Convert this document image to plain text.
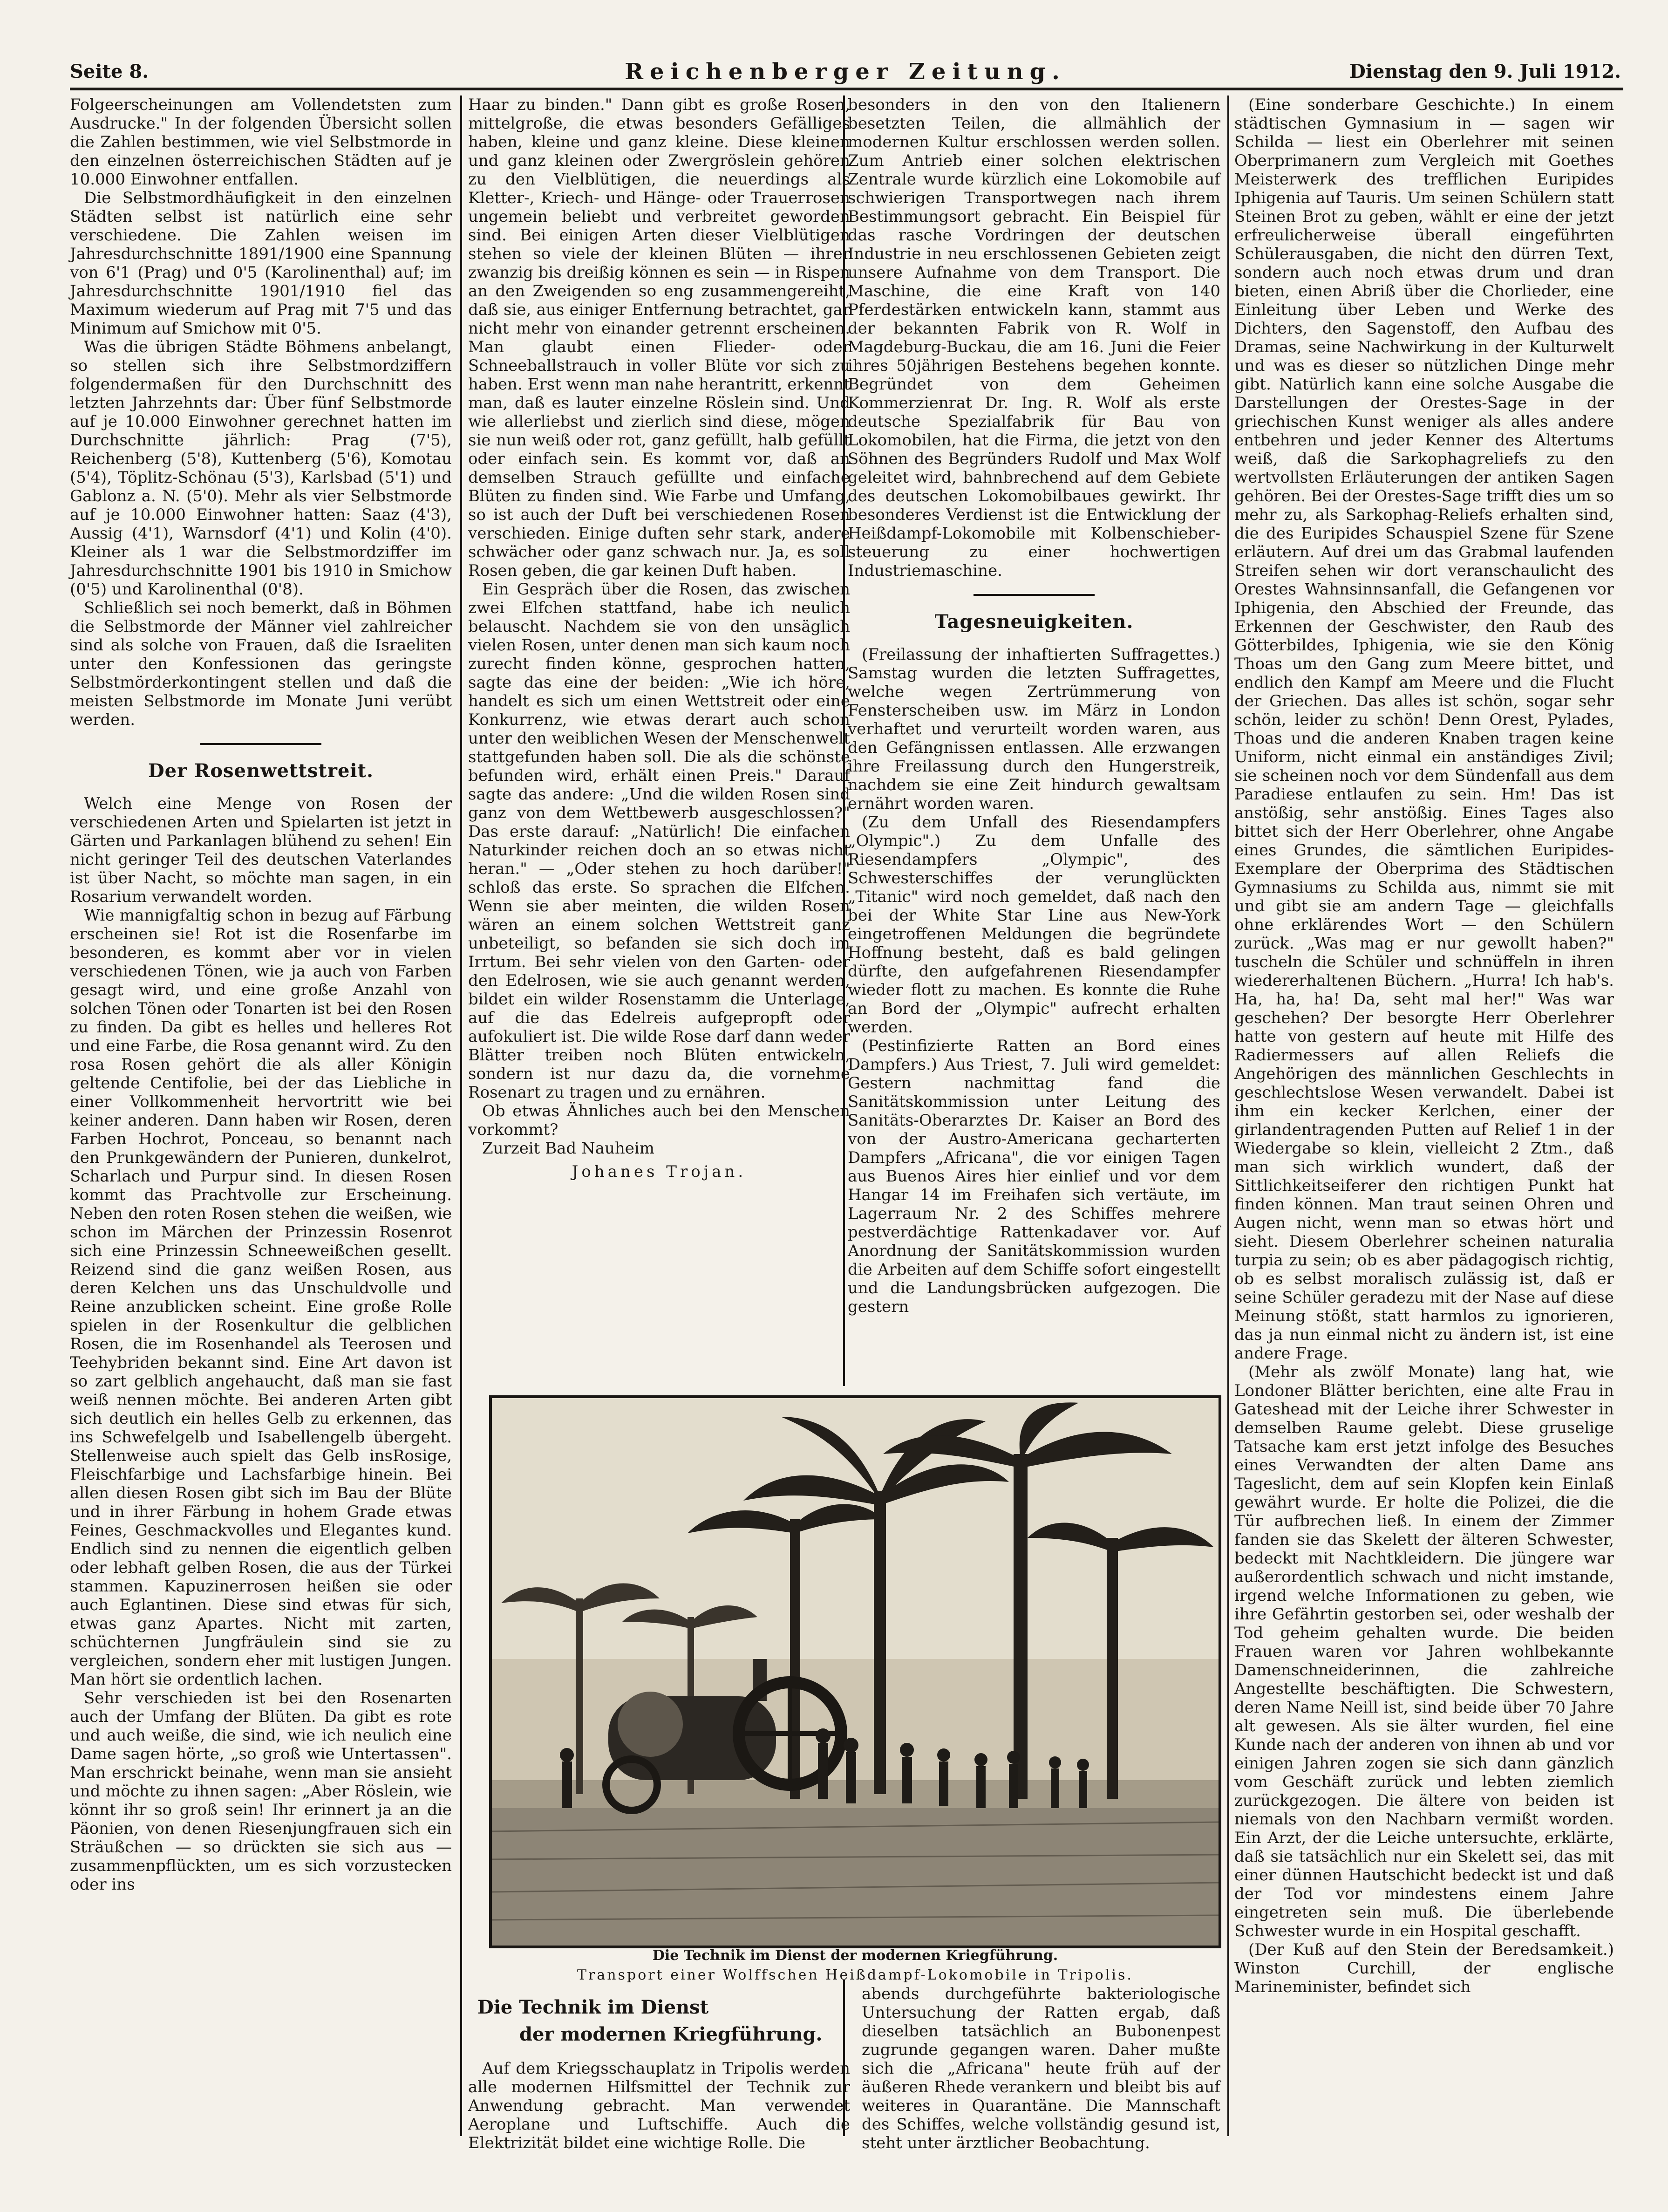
Seite 8.	Reichenberger Zeitung.	Dienstag den 9. Juli 1912.

Folgeerscheinungen am Vollendetsten zum Ausdrucke." In der folgenden Übersicht sollen die Zahlen bestimmen, wie viel Selbstmorde in den einzelnen österreichischen Städten auf je 10.000 Einwohner entfallen.

Die Selbstmordhäufigkeit in den einzelnen Städten selbst ist natürlich eine sehr verschiedene. Die Zahlen weisen im Jahresdurchschnitte 1891/1900 eine Spannung von 6'1 (Prag) und 0'5 (Karolinenthal) auf; im Jahresdurchschnitte 1901/1910 fiel das Maximum wiederum auf Prag mit 7'5 und das Minimum auf Smichow mit 0'5.

Was die übrigen Städte Böhmens anbelangt, so stellen sich ihre Selbstmordziffern folgendermaßen für den Durchschnitt des letzten Jahrzehnts dar: Über fünf Selbstmorde auf je 10.000 Einwohner gerechnet hatten im Durchschnitte jährlich: Prag (7'5), Reichenberg (5'8), Kuttenberg (5'6), Komotau (5'4), Töplitz-Schönau (5'3), Karlsbad (5'1) und Gablonz a. N. (5'0). Mehr als vier Selbstmorde auf je 10.000 Einwohner hatten: Saaz (4'3), Aussig (4'1), Warnsdorf (4'1) und Kolin (4'0). Kleiner als 1 war die Selbstmordziffer im Jahresdurchschnitte 1901 bis 1910 in Smichow (0'5) und Karolinenthal (0'8).

Schließlich sei noch bemerkt, daß in Böhmen die Selbstmorde der Männer viel zahlreicher sind als solche von Frauen, daß die Israeliten unter den Konfessionen das geringste Selbstmörderkontingent stellen und daß die meisten Selbstmorde im Monate Juni verübt werden.

Der Rosenwettstreit.

Welch eine Menge von Rosen der verschiedenen Arten und Spielarten ist jetzt in Gärten und Parkanlagen blühend zu sehen! Ein nicht geringer Teil des deutschen Vaterlandes ist über Nacht, so möchte man sagen, in ein Rosarium verwandelt worden.

Wie mannigfaltig schon in bezug auf Färbung erscheinen sie! Rot ist die Rosenfarbe im besonderen, es kommt aber vor in vielen verschiedenen Tönen, wie ja auch von Farben gesagt wird, und eine große Anzahl von solchen Tönen oder Tonarten ist bei den Rosen zu finden. Da gibt es helles und helleres Rot und eine Farbe, die Rosa genannt wird. Zu den rosa Rosen gehört die als aller Königin geltende Centifolie, bei der das Liebliche in einer Vollkommenheit hervortritt wie bei keiner anderen. Dann haben wir Rosen, deren Farben Hochrot, Ponceau, so benannt nach den Prunkgewändern der Punieren, dunkelrot, Scharlach und Purpur sind. In diesen Rosen kommt das Prachtvolle zur Erscheinung. Neben den roten Rosen stehen die weißen, wie schon im Märchen der Prinzessin Rosenrot sich eine Prinzessin Schneeweißchen gesellt. Reizend sind die ganz weißen Rosen, aus deren Kelchen uns das Unschuldvolle und Reine anzublicken scheint. Eine große Rolle spielen in der Rosenkultur die gelblichen Rosen, die im Rosenhandel als Teerosen und Teehybriden bekannt sind. Eine Art davon ist so zart gelblich angehaucht, daß man sie fast weiß nennen möchte. Bei anderen Arten gibt sich deutlich ein helles Gelb zu erkennen, das ins Schwefelgelb und Isabellengelb übergeht. Stellenweise auch spielt das Gelb insRosige, Fleischfarbige und Lachsfarbige hinein. Bei allen diesen Rosen gibt sich im Bau der Blüte und in ihrer Färbung in hohem Grade etwas Feines, Geschmackvolles und Elegantes kund. Endlich sind zu nennen die eigentlich gelben oder lebhaft gelben Rosen, die aus der Türkei stammen. Kapuzinerrosen heißen sie oder auch Eglantinen. Diese sind etwas für sich, etwas ganz Apartes. Nicht mit zarten, schüchternen Jungfräulein sind sie zu vergleichen, sondern eher mit lustigen Jungen. Man hört sie ordentlich lachen.

Sehr verschieden ist bei den Rosenarten auch der Umfang der Blüten. Da gibt es rote und auch weiße, die sind, wie ich neulich eine Dame sagen hörte, „so groß wie Untertassen". Man erschrickt beinahe, wenn man sie ansieht und möchte zu ihnen sagen: „Aber Röslein, wie könnt ihr so groß sein! Ihr erinnert ja an die Päonien, von denen Riesenjungfrauen sich ein Sträußchen — so drückten sie sich aus — zusammenpflückten, um es sich vorzustecken oder ins

Haar zu binden." Dann gibt es große Rosen, mittelgroße, die etwas besonders Gefälliges haben, kleine und ganz kleine. Diese kleinen und ganz kleinen oder Zwergröslein gehören zu den Vielblütigen, die neuerdings als Kletter-, Kriech- und Hänge- oder Trauerrosen ungemein beliebt und verbreitet geworden sind. Bei einigen Arten dieser Vielblütigen stehen so viele der kleinen Blüten — ihrer zwanzig bis dreißig können es sein — in Rispen an den Zweigenden so eng zusammengereiht, daß sie, aus einiger Entfernung betrachtet, gar nicht mehr von einander getrennt erscheinen. Man glaubt einen Flieder- oder Schneeballstrauch in voller Blüte vor sich zu haben. Erst wenn man nahe herantritt, erkennt man, daß es lauter einzelne Röslein sind. Und wie allerliebst und zierlich sind diese, mögen sie nun weiß oder rot, ganz gefüllt, halb gefüllt oder einfach sein. Es kommt vor, daß an demselben Strauch gefüllte und einfache Blüten zu finden sind. Wie Farbe und Umfang, so ist auch der Duft bei verschiedenen Rosen verschieden. Einige duften sehr stark, andere schwächer oder ganz schwach nur. Ja, es soll Rosen geben, die gar keinen Duft haben.

Ein Gespräch über die Rosen, das zwischen zwei Elfchen stattfand, habe ich neulich belauscht. Nachdem sie von den unsäglich vielen Rosen, unter denen man sich kaum noch zurecht finden könne, gesprochen hatten, sagte das eine der beiden: „Wie ich höre, handelt es sich um einen Wettstreit oder eine Konkurrenz, wie etwas derart auch schon unter den weiblichen Wesen der Menschenwelt stattgefunden haben soll. Die als die schönste befunden wird, erhält einen Preis." Darauf sagte das andere: „Und die wilden Rosen sind ganz von dem Wettbewerb ausgeschlossen?" Das erste darauf: „Natürlich! Die einfachen Naturkinder reichen doch an so etwas nicht heran." — „Oder stehen zu hoch darüber!" schloß das erste. So sprachen die Elfchen. Wenn sie aber meinten, die wilden Rosen wären an einem solchen Wettstreit ganz unbeteiligt, so befanden sie sich doch im Irrtum. Bei sehr vielen von den Garten- oder den Edelrosen, wie sie auch genannt werden, bildet ein wilder Rosenstamm die Unterlage, auf die das Edelreis aufgepropft oder aufokuliert ist. Die wilde Rose darf dann weder Blätter treiben noch Blüten entwickeln, sondern ist nur dazu da, die vornehme Rosenart zu tragen und zu ernähren.

Ob etwas Ähnliches auch bei den Menschen vorkommt?

Zurzeit Bad Nauheim

Johanes Trojan.

besonders in den von den Italienern besetzten Teilen, die allmählich der modernen Kultur erschlossen werden sollen. Zum Antrieb einer solchen elektrischen Zentrale wurde kürzlich eine Lokomobile auf schwierigen Transportwegen nach ihrem Bestimmungsort gebracht. Ein Beispiel für das rasche Vordringen der deutschen Industrie in neu erschlossenen Gebieten zeigt unsere Aufnahme von dem Transport. Die Maschine, die eine Kraft von 140 Pferdestärken entwickeln kann, stammt aus der bekannten Fabrik von R. Wolf in Magdeburg-Buckau, die am 16. Juni die Feier ihres 50jährigen Bestehens begehen konnte. Begründet von dem Geheimen Kommerzienrat Dr. Ing. R. Wolf als erste deutsche Spezialfabrik für Bau von Lokomobilen, hat die Firma, die jetzt von den Söhnen des Begründers Rudolf und Max Wolf geleitet wird, bahnbrechend auf dem Gebiete des deutschen Lokomobilbaues gewirkt. Ihr besonderes Verdienst ist die Entwicklung der Heißdampf-Lokomobile mit Kolbenschieber-steuerung zu einer hochwertigen Industriemaschine.

Tagesneuigkeiten.

(Freilassung der inhaftierten Suffragettes.) Samstag wurden die letzten Suffragettes, welche wegen Zertrümmerung von Fensterscheiben usw. im März in London verhaftet und verurteilt worden waren, aus den Gefängnissen entlassen. Alle erzwangen ihre Freilassung durch den Hungerstreik, nachdem sie eine Zeit hindurch gewaltsam ernährt worden waren.

(Zu dem Unfall des Riesendampfers „Olympic".) Zu dem Unfalle des Riesendampfers „Olympic", des Schwesterschiffes der verunglückten „Titanic" wird noch gemeldet, daß nach den bei der White Star Line aus New-York eingetroffenen Meldungen die begründete Hoffnung besteht, daß es bald gelingen dürfte, den aufgefahrenen Riesendampfer wieder flott zu machen. Es konnte die Ruhe an Bord der „Olympic" aufrecht erhalten werden.

(Pestinfizierte Ratten an Bord eines Dampfers.) Aus Triest, 7. Juli wird gemeldet: Gestern nachmittag fand die Sanitätskommission unter Leitung des Sanitäts-Oberarztes Dr. Kaiser an Bord des von der Austro-Americana gecharterten Dampfers „Africana", die vor einigen Tagen aus Buenos Aires hier einlief und vor dem Hangar 14 im Freihafen sich vertäute, im Lagerraum Nr. 2 des Schiffes mehrere pestverdächtige Rattenkadaver vor. Auf Anordnung der Sanitätskommission wurden die Arbeiten auf dem Schiffe sofort eingestellt und die Landungsbrücken aufgezogen. Die gestern

(Eine sonderbare Geschichte.) In einem städtischen Gymnasium in — sagen wir Schilda — liest ein Oberlehrer mit seinen Oberprimanern zum Vergleich mit Goethes Meisterwerk des trefflichen Euripides Iphigenia auf Tauris. Um seinen Schülern statt Steinen Brot zu geben, wählt er eine der jetzt erfreulicherweise überall eingeführten Schülerausgaben, die nicht den dürren Text, sondern auch noch etwas drum und dran bieten, einen Abriß über die Chorlieder, eine Einleitung über Leben und Werke des Dichters, den Sagenstoff, den Aufbau des Dramas, seine Nachwirkung in der Kulturwelt und was es dieser so nützlichen Dinge mehr gibt. Natürlich kann eine solche Ausgabe die Darstellungen der Orestes-Sage in der griechischen Kunst weniger als alles andere entbehren und jeder Kenner des Altertums weiß, daß die Sarkophagreliefs zu den wertvollsten Erläuterungen der antiken Sagen gehören. Bei der Orestes-Sage trifft dies um so mehr zu, als Sarkophag-Reliefs erhalten sind, die des Euripides Schauspiel Szene für Szene erläutern. Auf drei um das Grabmal laufenden Streifen sehen wir dort veranschaulicht des Orestes Wahnsinnsanfall, die Gefangenen vor Iphigenia, den Abschied der Freunde, das Erkennen der Geschwister, den Raub des Götterbildes, Iphigenia, wie sie den König Thoas um den Gang zum Meere bittet, und endlich den Kampf am Meere und die Flucht der Griechen. Das alles ist schön, sogar sehr schön, leider zu schön! Denn Orest, Pylades, Thoas und die anderen Knaben tragen keine Uniform, nicht einmal ein anständiges Zivil; sie scheinen noch vor dem Sündenfall aus dem Paradiese entlaufen zu sein. Hm! Das ist anstößig, sehr anstößig. Eines Tages also bittet sich der Herr Oberlehrer, ohne Angabe eines Grundes, die sämtlichen Euripides-Exemplare der Oberprima des Städtischen Gymnasiums zu Schilda aus, nimmt sie mit und gibt sie am andern Tage — gleichfalls ohne erklärendes Wort — den Schülern zurück. „Was mag er nur gewollt haben?" tuscheln die Schüler und schnüffeln in ihren wiedererhaltenen Büchern. „Hurra! Ich hab's. Ha, ha, ha! Da, seht mal her!" Was war geschehen? Der besorgte Herr Oberlehrer hatte von gestern auf heute mit Hilfe des Radiermessers auf allen Reliefs die Angehörigen des männlichen Geschlechts in geschlechtslose Wesen verwandelt. Dabei ist ihm ein kecker Kerlchen, einer der girlandentragenden Putten auf Relief 1 in der Wiedergabe so klein, vielleicht 2 Ztm., daß man sich wirklich wundert, daß der Sittlichkeitseiferer den richtigen Punkt hat finden können. Man traut seinen Ohren und Augen nicht, wenn man so etwas hört und sieht. Diesem Oberlehrer scheinen naturalia turpia zu sein; ob es aber pädagogisch richtig, ob es selbst moralisch zulässig ist, daß er seine Schüler geradezu mit der Nase auf diese Meinung stößt, statt harmlos zu ignorieren, das ja nun einmal nicht zu ändern ist, ist eine andere Frage.

(Mehr als zwölf Monate) lang hat, wie Londoner Blätter berichten, eine alte Frau in Gateshead mit der Leiche ihrer Schwester in demselben Raume gelebt. Diese gruselige Tatsache kam erst jetzt infolge des Besuches eines Verwandten der alten Dame ans Tageslicht, dem auf sein Klopfen kein Einlaß gewährt wurde. Er holte die Polizei, die die Tür aufbrechen ließ. In einem der Zimmer fanden sie das Skelett der älteren Schwester, bedeckt mit Nachtkleidern. Die jüngere war außerordentlich schwach und nicht imstande, irgend welche Informationen zu geben, wie ihre Gefährtin gestorben sei, oder weshalb der Tod geheim gehalten wurde. Die beiden Frauen waren vor Jahren wohlbekannte Damenschneiderinnen, die zahlreiche Angestellte beschäftigten. Die Schwestern, deren Name Neill ist, sind beide über 70 Jahre alt gewesen. Als sie älter wurden, fiel eine Kunde nach der anderen von ihnen ab und vor einigen Jahren zogen sie sich dann gänzlich vom Geschäft zurück und lebten ziemlich zurückgezogen. Die ältere von beiden ist niemals von den Nachbarn vermißt worden. Ein Arzt, der die Leiche untersuchte, erklärte, daß sie tatsächlich nur ein Skelett sei, das mit einer dünnen Hautschicht bedeckt ist und daß der Tod vor mindestens einem Jahre eingetreten sein muß. Die überlebende Schwester wurde in ein Hospital geschafft.

(Der Kuß auf den Stein der Beredsamkeit.) Winston Curchill, der englische Marineminister, befindet sich

Die Technik im Dienst der modernen Kriegführung.
Transport einer Wolffschen Heißdampf-Lokomobile in Tripolis.
Die Technik im Dienst
der modernen Kriegführung.

Auf dem Kriegsschauplatz in Tripolis werden alle modernen Hilfsmittel der Technik zur Anwendung gebracht. Man verwendet Aeroplane und Luftschiffe. Auch die Elektrizität bildet eine wichtige Rolle. Die

abends durchgeführte bakteriologische Untersuchung der Ratten ergab, daß dieselben tatsächlich an Bubonenpest zugrunde gegangen waren. Daher mußte sich die „Africana" heute früh auf der äußeren Rhede verankern und bleibt bis auf weiteres in Quarantäne. Die Mannschaft des Schiffes, welche vollständig gesund ist, steht unter ärztlicher Beobachtung.
